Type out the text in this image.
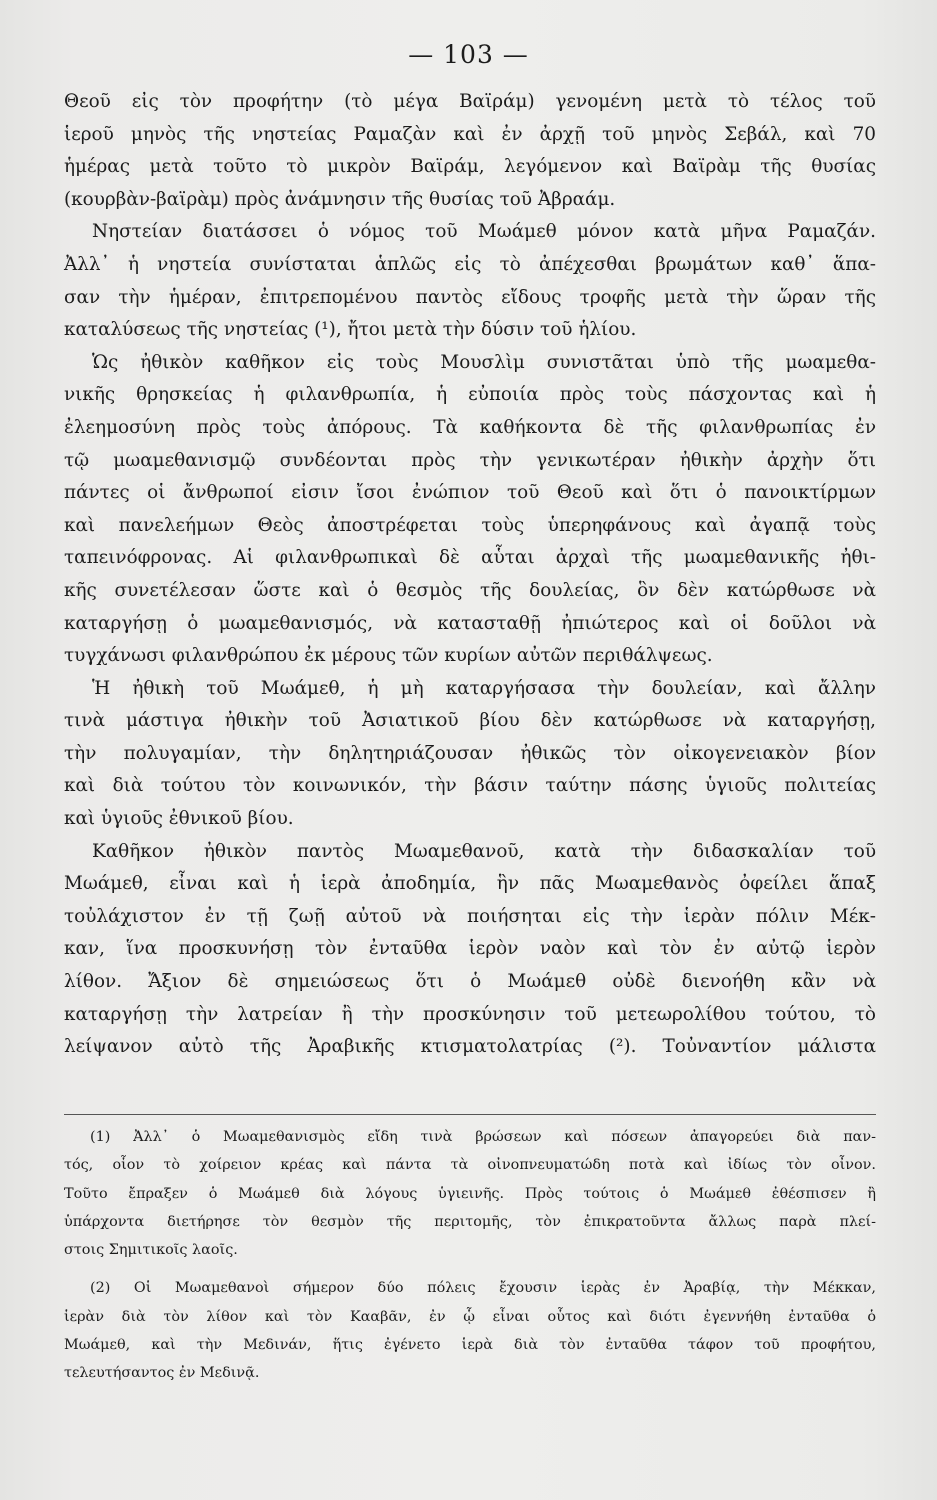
— 103 —
Θεοῦ εἰς τὸν προφήτην (τὸ μέγα Βαϊράμ) γενομένη μετὰ τὸ τέλος τοῦ
ἱεροῦ μηνὸς τῆς νηστείας Ραμαζὰν καὶ ἐν ἀρχῇ τοῦ μηνὸς Σεβάλ, καὶ 70
ἡμέρας μετὰ τοῦτο τὸ μικρὸν Βαϊράμ, λεγόμενον καὶ Βαϊρὰμ τῆς θυσίας
(κουρβὰν-βαϊρὰμ) πρὸς ἀνάμνησιν τῆς θυσίας τοῦ Ἀβραάμ.
Νηστείαν διατάσσει ὁ νόμος τοῦ Μωάμεθ μόνον κατὰ μῆνα Ραμαζάν.
Ἀλλ᾽ ἡ νηστεία συνίσταται ἁπλῶς εἰς τὸ ἀπέχεσθαι βρωμάτων καθ᾽ ἅπα-
σαν τὴν ἡμέραν, ἐπιτρεπομένου παντὸς εἴδους τροφῆς μετὰ τὴν ὥραν τῆς
καταλύσεως τῆς νηστείας (¹), ἤτοι μετὰ τὴν δύσιν τοῦ ἡλίου.
Ὡς ἠθικὸν καθῆκον εἰς τοὺς Μουσλὶμ συνιστᾶται ὑπὸ τῆς μωαμεθα-
νικῆς θρησκείας ἡ φιλανθρωπία, ἡ εὐποιία πρὸς τοὺς πάσχοντας καὶ ἡ
ἐλεημοσύνη πρὸς τοὺς ἀπόρους. Τὰ καθήκοντα δὲ τῆς φιλανθρωπίας ἐν
τῷ μωαμεθανισμῷ συνδέονται πρὸς τὴν γενικωτέραν ἠθικὴν ἀρχὴν ὅτι
πάντες οἱ ἄνθρωποί εἰσιν ἴσοι ἐνώπιον τοῦ Θεοῦ καὶ ὅτι ὁ πανοικτίρμων
καὶ πανελεήμων Θεὸς ἀποστρέφεται τοὺς ὑπερηφάνους καὶ ἀγαπᾷ τοὺς
ταπεινόφρονας. Αἱ φιλανθρωπικαὶ δὲ αὗται ἀρχαὶ τῆς μωαμεθανικῆς ἠθι-
κῆς συνετέλεσαν ὥστε καὶ ὁ θεσμὸς τῆς δουλείας, ὃν δὲν κατώρθωσε νὰ
καταργήσῃ ὁ μωαμεθανισμός, νὰ κατασταθῇ ἠπιώτερος καὶ οἱ δοῦλοι νὰ
τυγχάνωσι φιλανθρώπου ἐκ μέρους τῶν κυρίων αὐτῶν περιθάλψεως.
Ἡ ἠθικὴ τοῦ Μωάμεθ, ἡ μὴ καταργήσασα τὴν δουλείαν, καὶ ἄλλην
τινὰ μάστιγα ἠθικὴν τοῦ Ἀσιατικοῦ βίου δὲν κατώρθωσε νὰ καταργήσῃ,
τὴν πολυγαμίαν, τὴν δηλητηριάζουσαν ἠθικῶς τὸν οἰκογενειακὸν βίον
καὶ διὰ τούτου τὸν κοινωνικόν, τὴν βάσιν ταύτην πάσης ὑγιοῦς πολιτείας
καὶ ὑγιοῦς ἐθνικοῦ βίου.
Καθῆκον ἠθικὸν παντὸς Μωαμεθανοῦ, κατὰ τὴν διδασκαλίαν τοῦ
Μωάμεθ, εἶναι καὶ ἡ ἱερὰ ἀποδημία, ἣν πᾶς Μωαμεθανὸς ὀφείλει ἅπαξ
τοὐλάχιστον ἐν τῇ ζωῇ αὐτοῦ νὰ ποιήσηται εἰς τὴν ἱερὰν πόλιν Μέκ-
καν, ἵνα προσκυνήσῃ τὸν ἐνταῦθα ἱερὸν ναὸν καὶ τὸν ἐν αὐτῷ ἱερὸν
λίθον. Ἄξιον δὲ σημειώσεως ὅτι ὁ Μωάμεθ οὐδὲ διενοήθη κἂν νὰ
καταργήσῃ τὴν λατρείαν ἢ τὴν προσκύνησιν τοῦ μετεωρολίθου τούτου, τὸ
λείψανον αὐτὸ τῆς Ἀραβικῆς κτισματολατρίας (²). Τοὐναντίον μάλιστα
(1) Ἀλλ᾽ ὁ Μωαμεθανισμὸς εἴδη τινὰ βρώσεων καὶ πόσεων ἀπαγορεύει διὰ παν-
τός, οἷον τὸ χοίρειον κρέας καὶ πάντα τὰ οἰνοπνευματώδη ποτὰ καὶ ἰδίως τὸν οἶνον.
Τοῦτο ἔπραξεν ὁ Μωάμεθ διὰ λόγους ὑγιεινῆς. Πρὸς τούτοις ὁ Μωάμεθ ἐθέσπισεν ἢ
ὑπάρχοντα διετήρησε τὸν θεσμὸν τῆς περιτομῆς, τὸν ἐπικρατοῦντα ἄλλως παρὰ πλεί-
στοις Σημιτικοῖς λαοῖς.
(2) Οἱ Μωαμεθανοὶ σήμερον δύο πόλεις ἔχουσιν ἱερὰς ἐν Ἀραβίᾳ, τὴν Μέκκαν,
ἱερὰν διὰ τὸν λίθον καὶ τὸν Κααβᾶν, ἐν ᾧ εἶναι οὗτος καὶ διότι ἐγεννήθη ἐνταῦθα ὁ
Μωάμεθ, καὶ τὴν Μεδινάν, ἥτις ἐγένετο ἱερὰ διὰ τὸν ἐνταῦθα τάφον τοῦ προφήτου,
τελευτήσαντος ἐν Μεδινᾷ.
